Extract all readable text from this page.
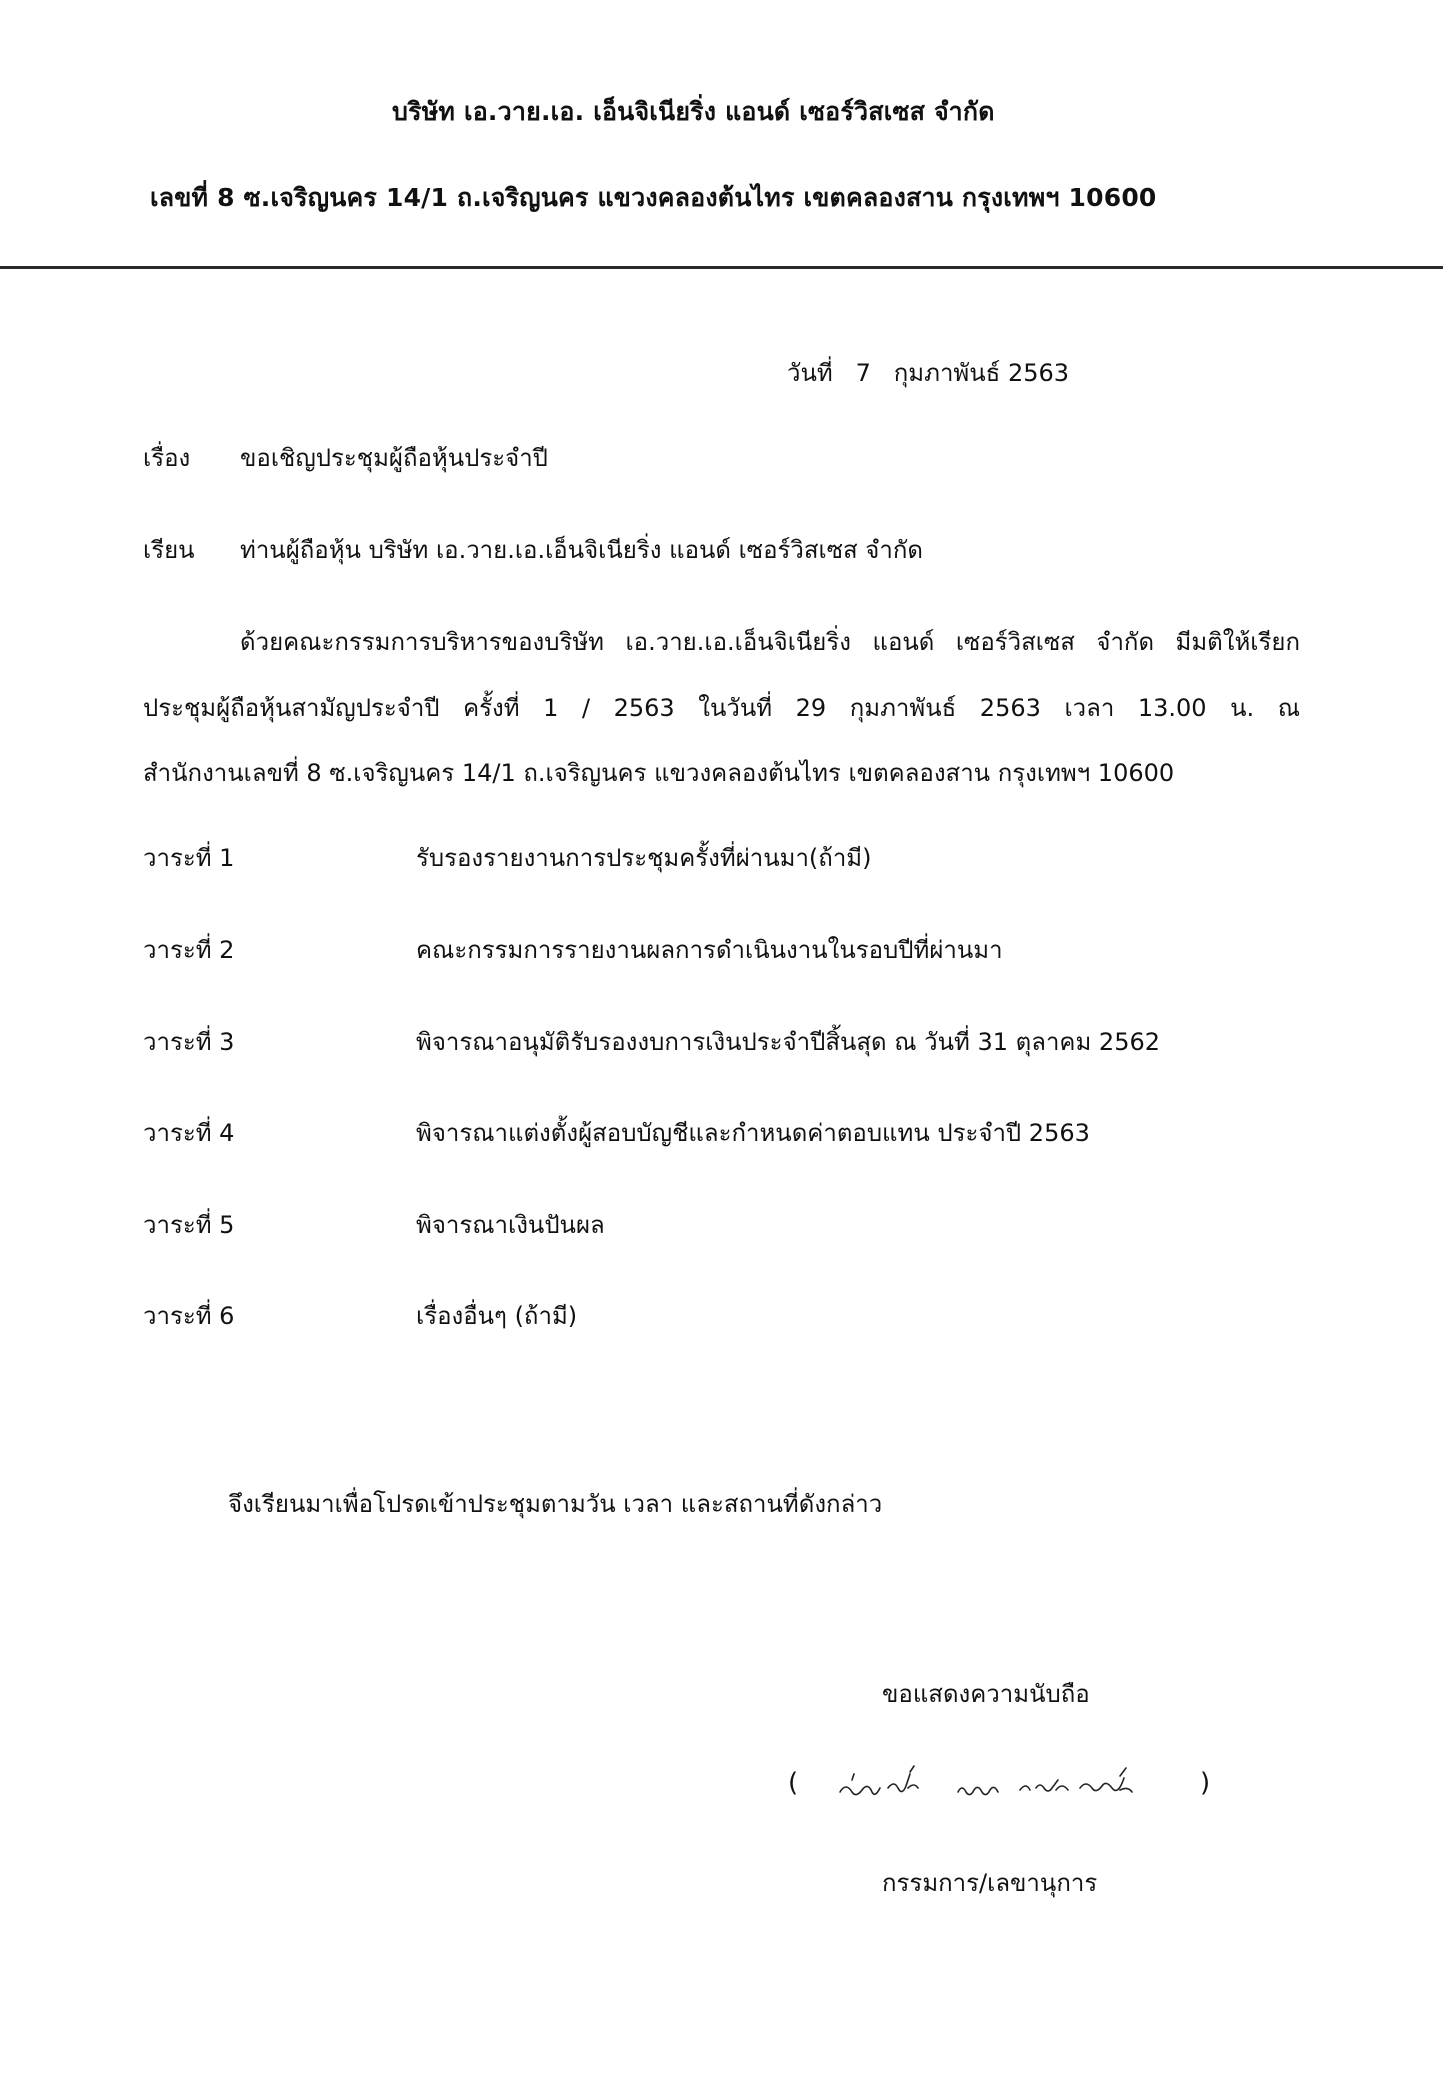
บริษัท เอ.วาย.เอ. เอ็นจิเนียริ่ง แอนด์ เซอร์วิสเซส จำกัด
เลขที่ 8 ซ.เจริญนคร 14/1 ถ.เจริญนคร แขวงคลองต้นไทร เขตคลองสาน กรุงเทพฯ 10600
วันที่ 7 กุมภาพันธ์ 2563
เรื่อง ขอเชิญประชุมผู้ถือหุ้นประจำปี
เรียน ท่านผู้ถือหุ้น บริษัท เอ.วาย.เอ.เอ็นจิเนียริ่ง แอนด์ เซอร์วิสเซส จำกัด
ด้วยคณะกรรมการบริหารของบริษัท เอ.วาย.เอ.เอ็นจิเนียริ่ง แอนด์ เซอร์วิสเซส จำกัด มีมติให้เรียก
ประชุมผู้ถือหุ้นสามัญประจำปี ครั้งที่ 1 / 2563 ในวันที่ 29 กุมภาพันธ์ 2563 เวลา 13.00 น. ณ
สำนักงานเลขที่ 8 ซ.เจริญนคร 14/1 ถ.เจริญนคร แขวงคลองต้นไทร เขตคลองสาน กรุงเทพฯ 10600
วาระที่ 1	รับรองรายงานการประชุมครั้งที่ผ่านมา(ถ้ามี)
วาระที่ 2	คณะกรรมการรายงานผลการดำเนินงานในรอบปีที่ผ่านมา
วาระที่ 3	พิจารณาอนุมัติรับรองงบการเงินประจำปีสิ้นสุด ณ วันที่ 31 ตุลาคม 2562
วาระที่ 4	พิจารณาแต่งตั้งผู้สอบบัญชีและกำหนดค่าตอบแทน ประจำปี 2563
วาระที่ 5	พิจารณาเงินปันผล
วาระที่ 6	เรื่องอื่นๆ (ถ้ามี)
จึงเรียนมาเพื่อโปรดเข้าประชุมตามวัน เวลา และสถานที่ดังกล่าว
ขอแสดงความนับถือ
(	)
กรรมการ/เลขานุการ
